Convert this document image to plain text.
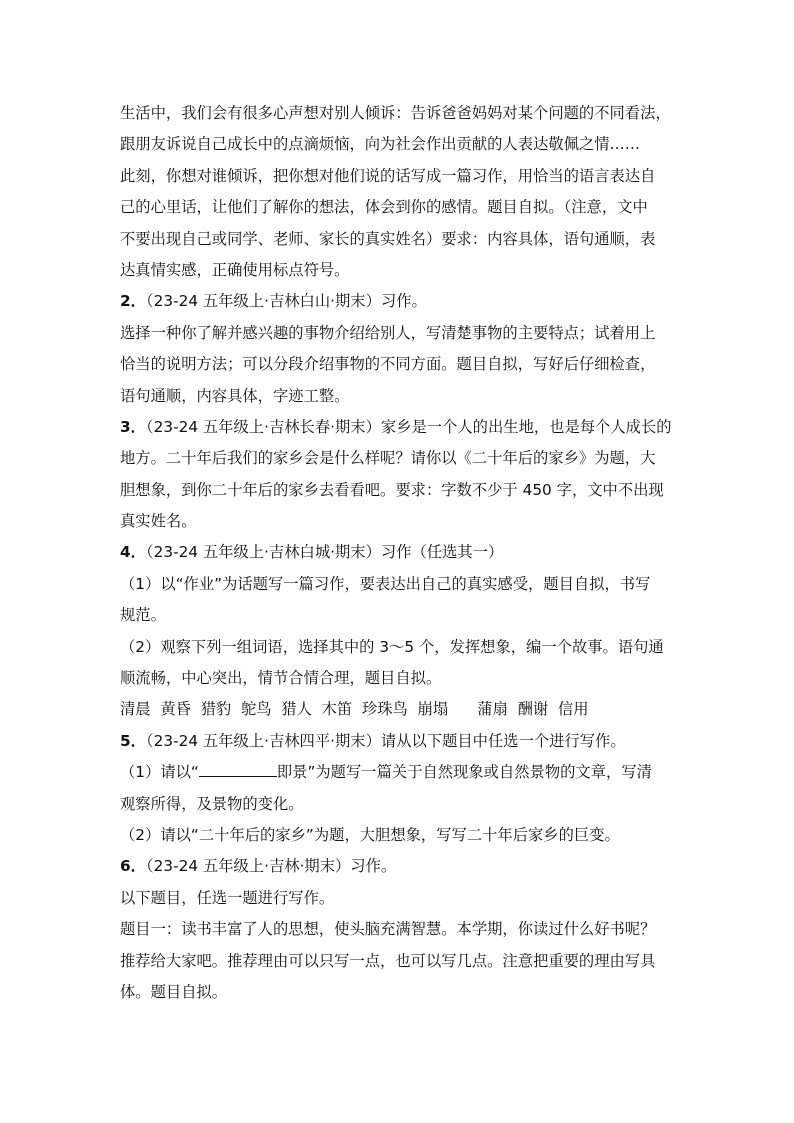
生活中，我们会有很多心声想对别人倾诉：告诉爸爸妈妈对某个问题的不同看法，
跟朋友诉说自己成长中的点滴烦恼，向为社会作出贡献的人表达敬佩之情……
此刻，你想对谁倾诉，把你想对他们说的话写成一篇习作，用恰当的语言表达自
己的心里话，让他们了解你的想法，体会到你的感情。题目自拟。（注意，文中
不要出现自己或同学、老师、家长的真实姓名）要求：内容具体，语句通顺，表
达真情实感，正确使用标点符号。
2．（23-24 五年级上·吉林白山·期末）习作。
选择一种你了解并感兴趣的事物介绍给别人，写清楚事物的主要特点；试着用上
恰当的说明方法；可以分段介绍事物的不同方面。题目自拟，写好后仔细检查，
语句通顺，内容具体，字迹工整。
3．（23-24 五年级上·吉林长春·期末）家乡是一个人的出生地，也是每个人成长的
地方。二十年后我们的家乡会是什么样呢？请你以《二十年后的家乡》为题，大
胆想象，到你二十年后的家乡去看看吧。要求：字数不少于 450 字，文中不出现
真实姓名。
4．（23-24 五年级上·吉林白城·期末）习作（任选其一）
（1）以“作业”为话题写一篇习作，要表达出自己的真实感受，题目自拟，书写
规范。
（2）观察下列一组词语，选择其中的 3～5 个，发挥想象，编一个故事。语句通
顺流畅，中心突出，情节合情合理，题目自拟。
清晨  黄昏  猎豹  鸵鸟  猎人  木笛  珍珠鸟  崩塌      蒲扇  酬谢  信用
5．（23-24 五年级上·吉林四平·期末）请从以下题目中任选一个进行写作。
（1）请以“	即景”为题写一篇关于自然现象或自然景物的文章，写清
观察所得，及景物的变化。
（2）请以“二十年后的家乡”为题，大胆想象，写写二十年后家乡的巨变。
6．（23-24 五年级上·吉林·期末）习作。
以下题目，任选一题进行写作。
题目一：读书丰富了人的思想，使头脑充满智慧。本学期，你读过什么好书呢？
推荐给大家吧。推荐理由可以只写一点，也可以写几点。注意把重要的理由写具
体。题目自拟。
